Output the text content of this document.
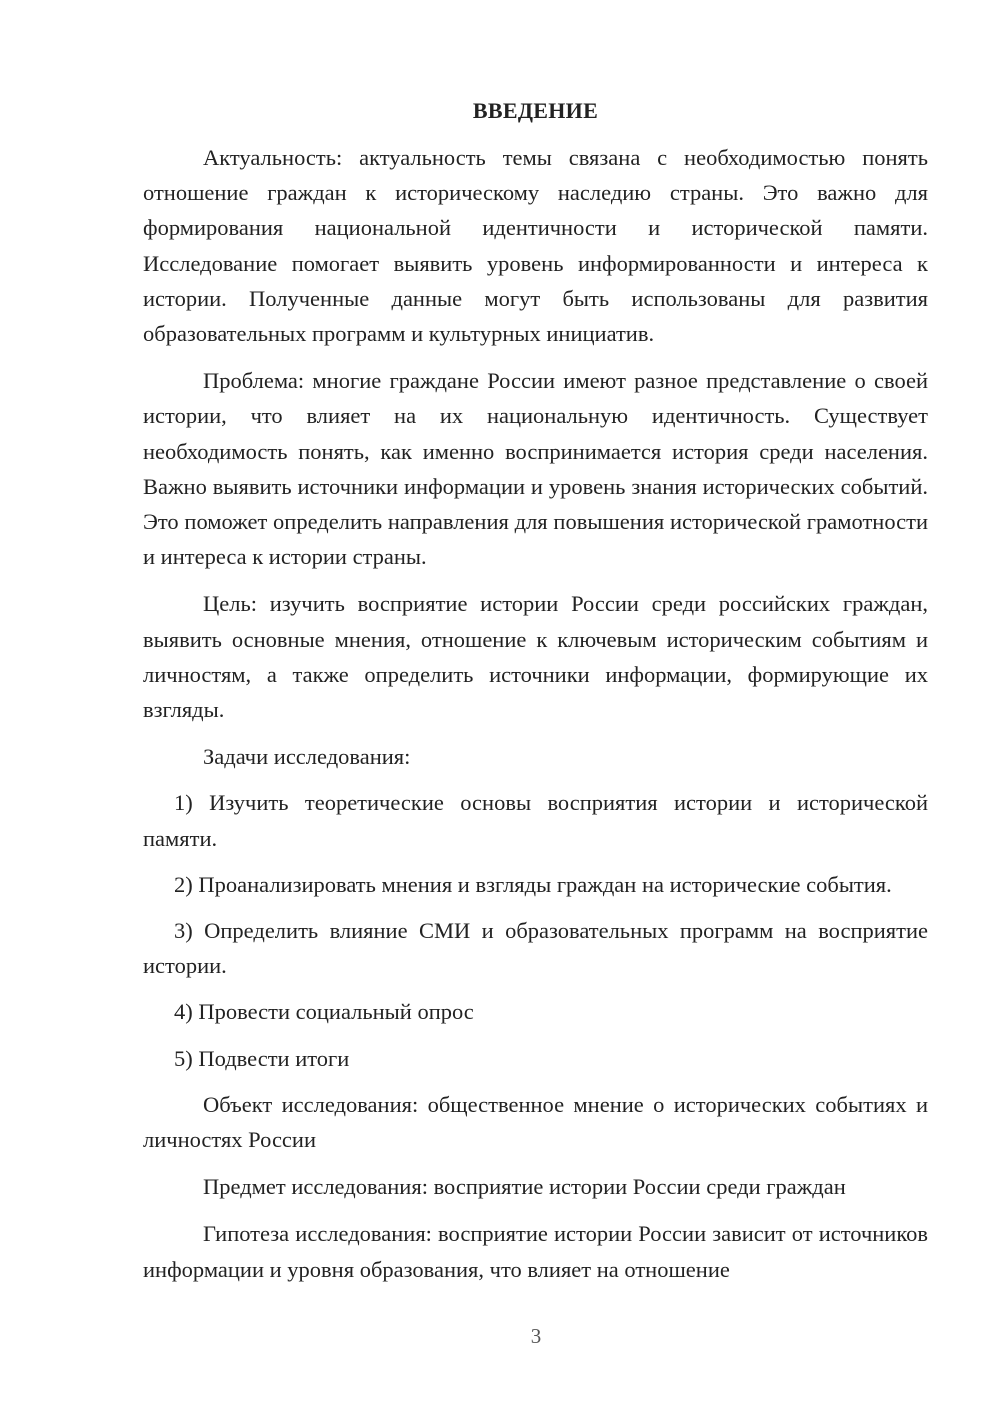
ВВЕДЕНИЕ

Актуальность: актуальность темы связана с необходимостью понять отношение граждан к историческому наследию страны. Это важно для формирования национальной идентичности и исторической памяти. Исследование помогает выявить уровень информированности и интереса к истории. Полученные данные могут быть использованы для развития образовательных программ и культурных инициатив.

Проблема: многие граждане России имеют разное представление о своей истории, что влияет на их национальную идентичность. Существует необходимость понять, как именно воспринимается история среди населения. Важно выявить источники информации и уровень знания исторических событий. Это поможет определить направления для повышения исторической грамотности и интереса к истории страны.

Цель: изучить восприятие истории России среди российских граждан, выявить основные мнения, отношение к ключевым историческим событиям и личностям, а также определить источники информации, формирующие их взгляды.

Задачи исследования:

1) Изучить теоретические основы восприятия истории и исторической памяти.

2) Проанализировать мнения и взгляды граждан на исторические события.

3) Определить влияние СМИ и образовательных программ на восприятие истории.

4) Провести социальный опрос

5) Подвести итоги

Объект исследования: общественное мнение о исторических событиях и личностях России

Предмет исследования: восприятие истории России среди граждан

Гипотеза исследования: восприятие истории России зависит от источников информации и уровня образования, что влияет на отношение

3
